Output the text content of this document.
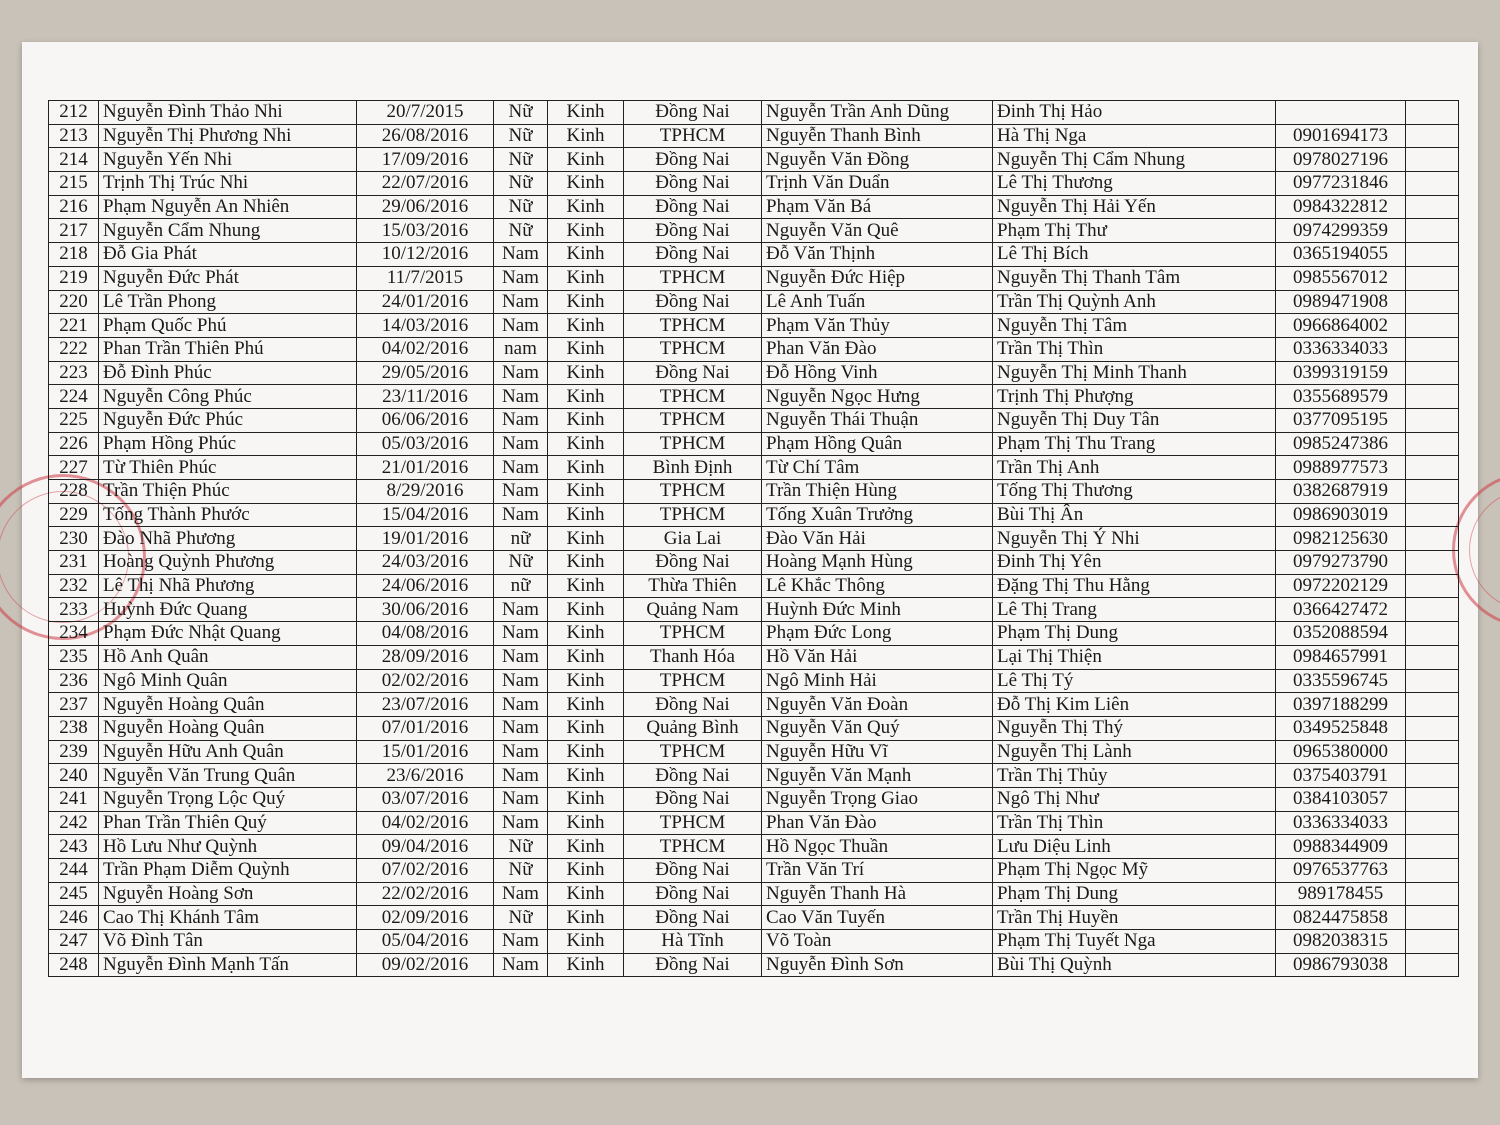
212	Nguyễn Đình Thảo Nhi	20/7/2015	Nữ	Kinh	Đồng Nai	Nguyễn Trần Anh Dũng	Đinh Thị Hảo		
213	Nguyễn Thị Phương Nhi	26/08/2016	Nữ	Kinh	TPHCM	Nguyễn Thanh Bình	Hà Thị Nga	0901694173	
214	Nguyễn Yến Nhi	17/09/2016	Nữ	Kinh	Đồng Nai	Nguyễn Văn Đồng	Nguyễn Thị Cẩm Nhung	0978027196	
215	Trịnh Thị Trúc Nhi	22/07/2016	Nữ	Kinh	Đồng Nai	Trịnh Văn Duẩn	Lê Thị Thương	0977231846	
216	Phạm Nguyễn An Nhiên	29/06/2016	Nữ	Kinh	Đồng Nai	Phạm Văn Bá	Nguyễn Thị Hải Yến	0984322812	
217	Nguyễn Cẩm Nhung	15/03/2016	Nữ	Kinh	Đồng Nai	Nguyễn Văn Quê	Phạm Thị Thư	0974299359	
218	Đỗ Gia Phát	10/12/2016	Nam	Kinh	Đồng Nai	Đỗ Văn Thịnh	Lê Thị Bích	0365194055	
219	Nguyễn Đức Phát	11/7/2015	Nam	Kinh	TPHCM	Nguyễn Đức Hiệp	Nguyễn Thị Thanh Tâm	0985567012	
220	Lê Trần Phong	24/01/2016	Nam	Kinh	Đồng Nai	Lê Anh Tuấn	Trần Thị Quỳnh Anh	0989471908	
221	Phạm Quốc Phú	14/03/2016	Nam	Kinh	TPHCM	Phạm Văn Thủy	Nguyễn Thị Tâm	0966864002	
222	Phan Trần Thiên Phú	04/02/2016	nam	Kinh	TPHCM	Phan Văn Đào	Trần Thị Thìn	0336334033	
223	Đỗ Đình Phúc	29/05/2016	Nam	Kinh	Đồng Nai	Đỗ Hồng Vinh	Nguyễn Thị Minh Thanh	0399319159	
224	Nguyễn Công Phúc	23/11/2016	Nam	Kinh	TPHCM	Nguyễn Ngọc Hưng	Trịnh Thị Phượng	0355689579	
225	Nguyễn Đức Phúc	06/06/2016	Nam	Kinh	TPHCM	Nguyễn Thái Thuận	Nguyễn Thị Duy Tân	0377095195	
226	Phạm Hồng Phúc	05/03/2016	Nam	Kinh	TPHCM	Phạm Hồng Quân	Phạm Thị Thu Trang	0985247386	
227	Từ Thiên Phúc	21/01/2016	Nam	Kinh	Bình Định	Từ Chí Tâm	Trần Thị Anh	0988977573	
228	Trần Thiện Phúc	8/29/2016	Nam	Kinh	TPHCM	Trần Thiện Hùng	Tống Thị Thương	0382687919	
229	Tống Thành Phước	15/04/2016	Nam	Kinh	TPHCM	Tống Xuân Trưởng	Bùi Thị Ân	0986903019	
230	Đào Nhã Phương	19/01/2016	nữ	Kinh	Gia Lai	Đào Văn Hải	Nguyễn Thị Ý Nhi	0982125630	
231	Hoàng Quỳnh Phương	24/03/2016	Nữ	Kinh	Đồng Nai	Hoàng Mạnh Hùng	Đinh Thị Yên	0979273790	
232	Lê Thị Nhã Phương	24/06/2016	nữ	Kinh	Thừa Thiên	Lê Khắc Thông	Đặng Thị Thu Hằng	0972202129	
233	Huỳnh Đức Quang	30/06/2016	Nam	Kinh	Quảng Nam	Huỳnh Đức Minh	Lê Thị Trang	0366427472	
234	Phạm Đức Nhật Quang	04/08/2016	Nam	Kinh	TPHCM	Phạm Đức Long	Phạm Thị Dung	0352088594	
235	Hồ Anh Quân	28/09/2016	Nam	Kinh	Thanh Hóa	Hồ Văn Hải	Lại Thị Thiện	0984657991	
236	Ngô Minh Quân	02/02/2016	Nam	Kinh	TPHCM	Ngô Minh Hải	Lê Thị Tý	0335596745	
237	Nguyễn Hoàng Quân	23/07/2016	Nam	Kinh	Đồng Nai	Nguyễn Văn Đoàn	Đỗ Thị Kim Liên	0397188299	
238	Nguyễn Hoàng Quân	07/01/2016	Nam	Kinh	Quảng Bình	Nguyễn Văn Quý	Nguyễn Thị Thý	0349525848	
239	Nguyễn Hữu Anh Quân	15/01/2016	Nam	Kinh	TPHCM	Nguyễn Hữu Vĩ	Nguyễn Thị Lành	0965380000	
240	Nguyễn Văn Trung Quân	23/6/2016	Nam	Kinh	Đồng Nai	Nguyễn Văn Mạnh	Trần Thị Thủy	0375403791	
241	Nguyễn Trọng Lộc Quý	03/07/2016	Nam	Kinh	Đồng Nai	Nguyễn Trọng Giao	Ngô Thị Như	0384103057	
242	Phan Trần Thiên Quý	04/02/2016	Nam	Kinh	TPHCM	Phan Văn Đào	Trần Thị Thìn	0336334033	
243	Hồ Lưu Như Quỳnh	09/04/2016	Nữ	Kinh	TPHCM	Hồ Ngọc Thuần	Lưu Diệu Linh	0988344909	
244	Trần Phạm Diễm Quỳnh	07/02/2016	Nữ	Kinh	Đồng Nai	Trần Văn Trí	Phạm Thị Ngọc Mỹ	0976537763	
245	Nguyễn Hoàng Sơn	22/02/2016	Nam	Kinh	Đồng Nai	Nguyễn Thanh Hà	Phạm Thị Dung	989178455	
246	Cao Thị Khánh Tâm	02/09/2016	Nữ	Kinh	Đồng Nai	Cao Văn Tuyến	Trần Thị Huyền	0824475858	
247	Võ Đình Tân	05/04/2016	Nam	Kinh	Hà Tĩnh	Võ Toàn	Phạm Thị Tuyết Nga	0982038315	
248	Nguyễn Đình Mạnh Tấn	09/02/2016	Nam	Kinh	Đồng Nai	Nguyễn Đình Sơn	Bùi Thị Quỳnh	0986793038	
